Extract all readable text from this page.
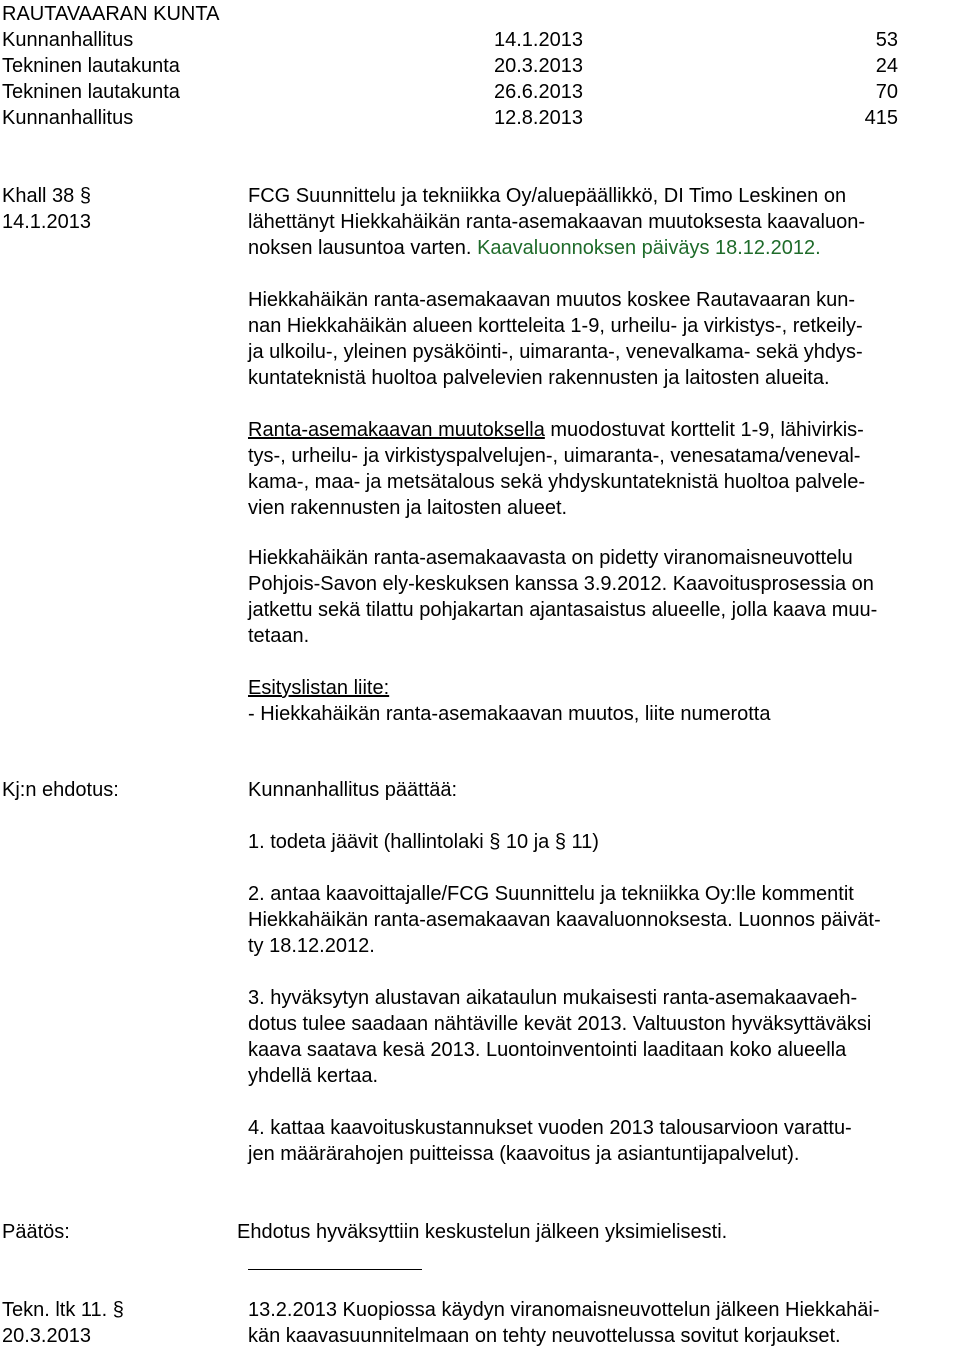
RAUTAVAARAN KUNTA
Kunnanhallitus	14.1.2013	53
Tekninen lautakunta	20.3.2013	24
Tekninen lautakunta	26.6.2013	70
Kunnanhallitus	12.8.2013	415
Khall 38 §
14.1.2013
FCG Suunnittelu ja tekniikka Oy/aluepäällikkö, DI Timo Leskinen on
lähettänyt Hiekkahäikän ranta-asemakaavan muutoksesta kaavaluon-
noksen lausuntoa varten. Kaavaluonnoksen päiväys 18.12.2012.
Hiekkahäikän ranta-asemakaavan muutos koskee Rautavaaran kun-
nan Hiekkahäikän alueen kortteleita 1-9, urheilu- ja virkistys-, retkeily-
ja ulkoilu-, yleinen pysäköinti-, uimaranta-, venevalkama- sekä yhdys-
kuntateknistä huoltoa palvelevien rakennusten ja laitosten alueita.
Ranta-asemakaavan muutoksella muodostuvat korttelit 1-9, lähivirkis-
tys-, urheilu- ja virkistyspalvelujen-, uimaranta-, venesatama/veneval-
kama-, maa- ja metsätalous sekä yhdyskuntateknistä huoltoa palvele-
vien rakennusten ja laitosten alueet.
Hiekkahäikän ranta-asemakaavasta on pidetty viranomaisneuvottelu
Pohjois-Savon ely-keskuksen kanssa 3.9.2012. Kaavoitusprosessia on
jatkettu sekä tilattu pohjakartan ajantasaistus alueelle, jolla kaava muu-
tetaan.
Esityslistan liite:
- Hiekkahäikän ranta-asemakaavan muutos, liite numerotta
Kj:n ehdotus:	Kunnanhallitus päättää:
1. todeta jäävit (hallintolaki § 10 ja § 11)
2. antaa kaavoittajalle/FCG Suunnittelu ja tekniikka Oy:lle kommentit
Hiekkahäikän ranta-asemakaavan kaavaluonnoksesta. Luonnos päivät-
ty 18.12.2012.
3. hyväksytyn alustavan aikataulun mukaisesti ranta-asemakaavaeh-
dotus tulee saadaan nähtäville kevät 2013. Valtuuston hyväksyttäväksi
kaava saatava kesä 2013. Luontoinventointi laaditaan koko alueella
yhdellä kertaa.
4. kattaa kaavoituskustannukset vuoden 2013 talousarvioon varattu-
jen määrärahojen puitteissa (kaavoitus ja asiantuntijapalvelut).
Päätös:	Ehdotus hyväksyttiin keskustelun jälkeen yksimielisesti.
Tekn. ltk 11. §
20.3.2013
13.2.2013 Kuopiossa käydyn viranomaisneuvottelun jälkeen Hiekkahäi-
kän kaavasuunnitelmaan on tehty neuvottelussa sovitut korjaukset.
